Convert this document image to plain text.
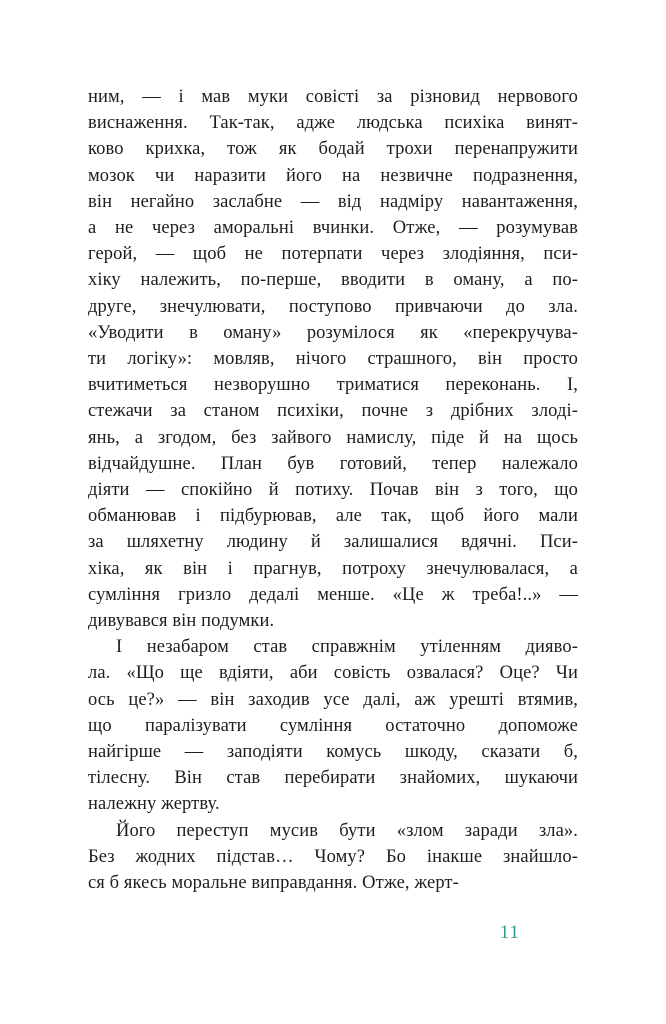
ним, — і мав муки совісті за різновид нервового
виснаження. Так-так, адже людська психіка винят-
ково крихка, тож як бодай трохи перенапружити
мозок чи наразити його на незвичне подразнення,
він негайно заслабне — від надміру навантаження,
а не через аморальні вчинки. Отже, — розумував
герой, — щоб не потерпати через злодіяння, пси-
хіку належить, по-перше, вводити в оману, а по-
друге, знечулювати, поступово привчаючи до зла.
«Уводити в оману» розумілося як «перекручува-
ти логіку»: мовляв, нічого страшного, він просто
вчитиметься незворушно триматися переконань. І,
стежачи за станом психіки, почне з дрібних злоді-
янь, а згодом, без зайвого намислу, піде й на щось
відчайдушне. План був готовий, тепер належало
діяти — спокійно й потиху. Почав він з того, що
обманював і підбурював, але так, щоб його мали
за шляхетну людину й залишалися вдячні. Пси-
хіка, як він і прагнув, потроху знечулювалася, а
сумління гризло дедалі менше. «Це ж треба!..» —
дивувався він подумки.
І незабаром став справжнім утіленням дияво-
ла. «Що ще вдіяти, аби совість озвалася? Оце? Чи
ось це?» — він заходив усе далі, аж урешті втямив,
що паралізувати сумління остаточно допоможе
найгірше — заподіяти комусь шкоду, сказати б,
тілесну. Він став перебирати знайомих, шукаючи
належну жертву.
Його переступ мусив бути «злом заради зла».
Без жодних підстав… Чому? Бо інакше знайшло-
ся б якесь моральне виправдання. Отже, жерт-
11
